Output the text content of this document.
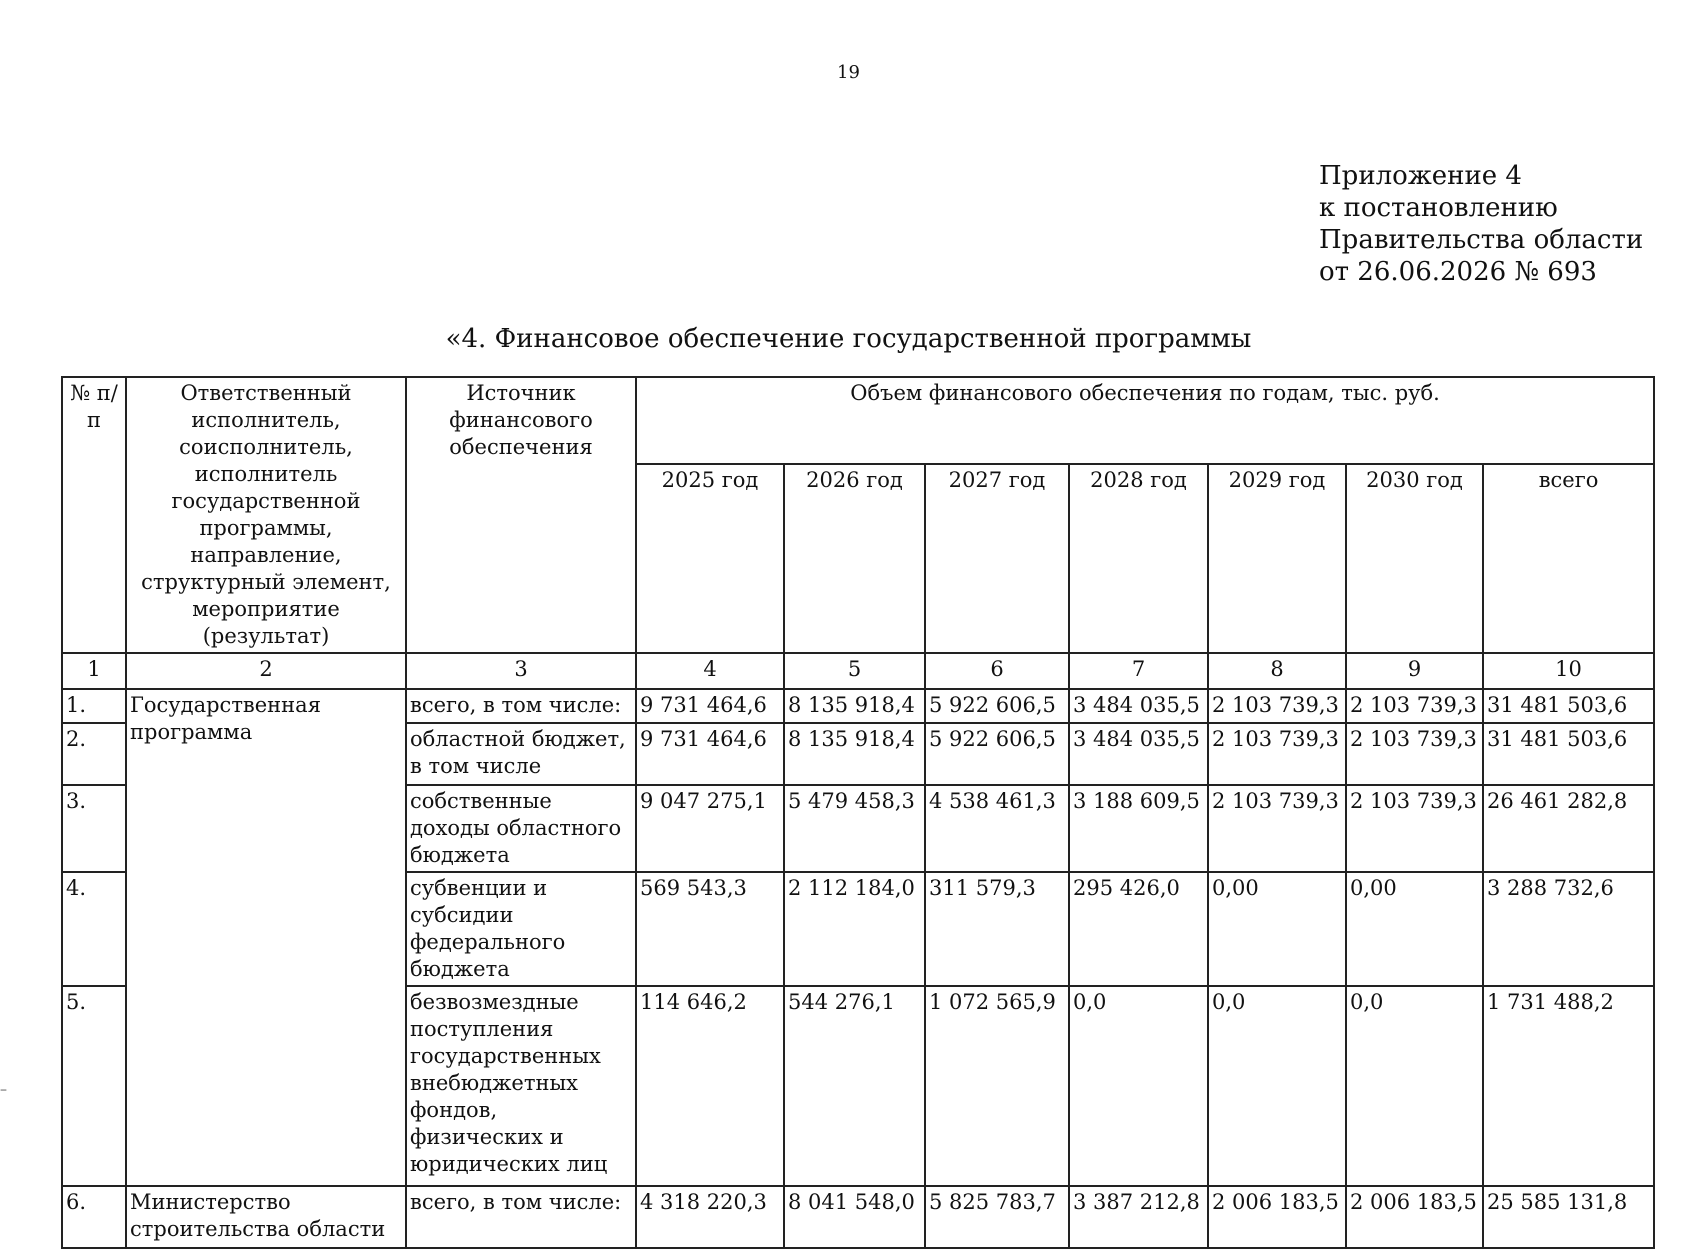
19
Приложение 4
к постановлению
Правительства области
от 26.06.2026 № 693
«4. Финансовое обеспечение государственной программы
№ п/п	Ответственный исполнитель, соисполнитель, исполнитель государственной программы, направление, структурный элемент, мероприятие (результат)	Источник финансового обеспечения	Объем финансового обеспечения по годам, тыс. руб.						
			2025 год	2026 год	2027 год	2028 год	2029 год	2030 год	всего
1	2	3	4	5	6	7	8	9	10
1.	Государственная программа	всего, в том числе:	9 731 464,6	8 135 918,4	5 922 606,5	3 484 035,5	2 103 739,3	2 103 739,3	31 481 503,6
2.		областной бюджет, в том числе	9 731 464,6	8 135 918,4	5 922 606,5	3 484 035,5	2 103 739,3	2 103 739,3	31 481 503,6
3.		собственные доходы областного бюджета	9 047 275,1	5 479 458,3	4 538 461,3	3 188 609,5	2 103 739,3	2 103 739,3	26 461 282,8
4.		субвенции и субсидии федерального бюджета	569 543,3	2 112 184,0	311 579,3	295 426,0	0,00	0,00	3 288 732,6
5.		безвозмездные поступления государственных внебюджетных фондов, физических и юридических лиц	114 646,2	544 276,1	1 072 565,9	0,0	0,0	0,0	1 731 488,2
6.	Министерство строительства области	всего, в том числе:	4 318 220,3	8 041 548,0	5 825 783,7	3 387 212,8	2 006 183,5	2 006 183,5	25 585 131,8
–
